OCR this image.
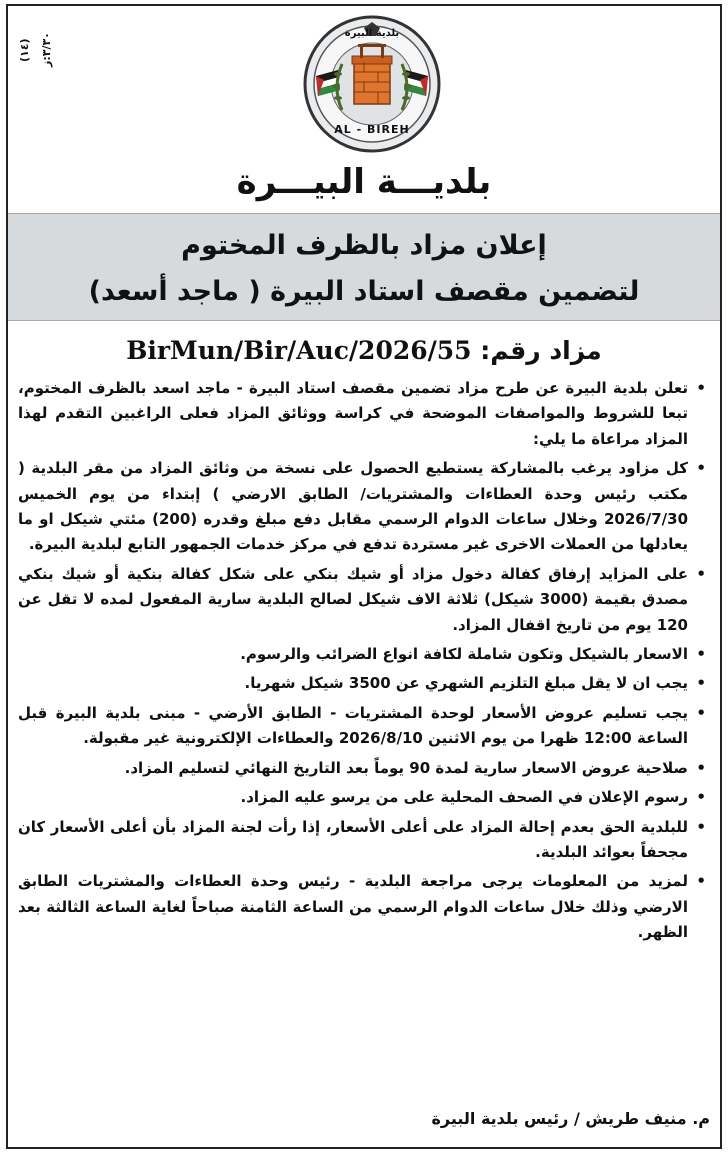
(١٤) ٣/٣٠:ز	بلدية البيرة
AL - BIREH
بلديـــة البيـــرة
إعلان مزاد بالظرف المختوم
لتضمين مقصف استاد البيرة ( ماجد أسعد)
مزاد رقم: BirMun/Bir/Auc/2026/55
• تعلن بلدية البيرة عن طرح مزاد تضمين مقصف استاد البيرة - ماجد اسعد بالظرف المختوم، تبعا للشروط والمواصفات الموضحة في كراسة ووثائق المزاد فعلى الراغبين التقدم لهذا المزاد مراعاة ما يلي:
• كل مزاود يرغب بالمشاركة يستطيع الحصول على نسخة من وثائق المزاد من مقر البلدية ( مكتب رئيس وحدة العطاءات والمشتريات/ الطابق الارضي ) إبتداء من يوم الخميس 2026/7/30 وخلال ساعات الدوام الرسمي مقابل دفع مبلغ وقدره (200) مئتي شيكل او ما يعادلها من العملات الاخرى غير مستردة تدفع في مركز خدمات الجمهور التابع لبلدية البيرة.
• على المزايد إرفاق كفالة دخول مزاد أو شيك بنكي على شكل كفالة بنكية أو شيك بنكي مصدق بقيمة (3000 شيكل) ثلاثة الاف شيكل لصالح البلدية سارية المفعول لمده لا تقل عن 120 يوم من تاريخ اقفال المزاد.
• الاسعار بالشيكل وتكون شاملة لكافة انواع الضرائب والرسوم.
• يجب ان لا يقل مبلغ التلزيم الشهري عن 3500 شيكل شهريا.
• يجب تسليم عروض الأسعار لوحدة المشتريات - الطابق الأرضي - مبنى بلدية البيرة قبل الساعة 12:00 ظهرا من يوم الاثنين 2026/8/10 والعطاءات الإلكترونية غير مقبولة.
• صلاحية عروض الاسعار سارية لمدة 90 يوماً بعد التاريخ النهائي لتسليم المزاد.
• رسوم الإعلان في الصحف المحلية على من يرسو عليه المزاد.
• للبلدية الحق بعدم إحالة المزاد على أعلى الأسعار، إذا رأت لجنة المزاد بأن أعلى الأسعار كان مجحفاً بعوائد البلدية.
• لمزيد من المعلومات يرجى مراجعة البلدية - رئيس وحدة العطاءات والمشتريات الطابق الارضي وذلك خلال ساعات الدوام الرسمي من الساعة الثامنة صباحاً لغاية الساعة الثالثة بعد الظهر.
م. منيف طريش / رئيس بلدية البيرة
